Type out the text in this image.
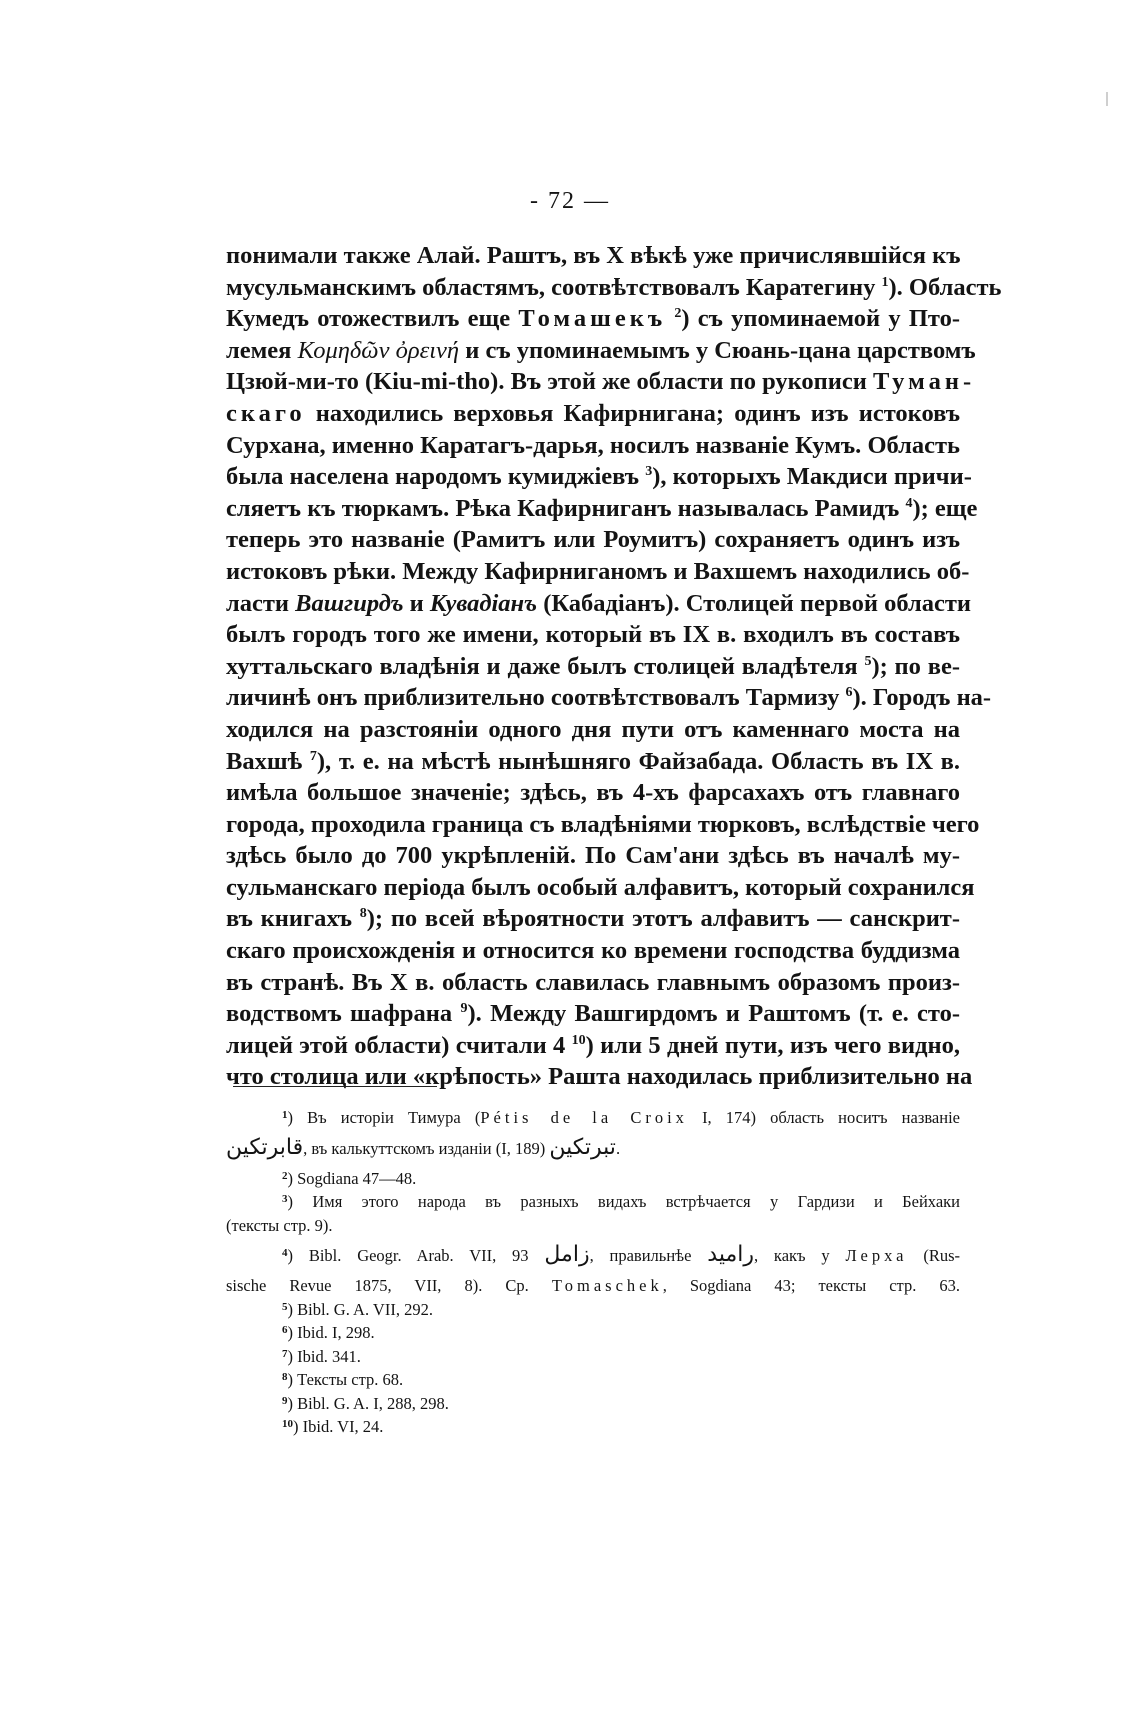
- 72 —
понимали также Алай. Раштъ, въ X вѣкѣ уже причислявшійся къ
мусульманскимъ областямъ, соотвѣтствовалъ Каратегину $^1$). Область
Кумедъ отожествилъ еще Томашекъ $^2$) съ упоминаемой у Пто-
лемея Κομηδῶν ὀρεινή и съ упоминаемымъ у Сюань-цана царствомъ
Цзюй-ми-то (Kiu-mi-tho). Въ этой же области по рукописи Туман-
скаго находились верховья Кафирнигана; одинъ изъ истоковъ
Сурхана, именно Каратагъ-дарья, носилъ названіе Кумъ. Область
была населена народомъ кумиджіевъ $^3$), которыхъ Макдиси причи-
сляетъ къ тюркамъ. Рѣка Кафирниганъ называлась Рамидъ $^4$); еще
теперь это названіе (Рамитъ или Роумитъ) сохраняетъ одинъ изъ
истоковъ рѣки. Между Кафирниганомъ и Вахшемъ находились об-
ласти Вашгирдъ и Кувадіанъ (Кабадіанъ). Столицей первой области
былъ городъ того же имени, который въ IX в. входилъ въ составъ
хуттальскаго владѣнія и даже былъ столицей владѣтеля $^5$); по ве-
личинѣ онъ приблизительно соотвѣтствовалъ Тармизу $^6$). Городъ на-
ходился на разстояніи одного дня пути отъ каменнаго моста на
Вахшѣ $^7$), т. е. на мѣстѣ нынѣшняго Файзабада. Область въ IX в.
имѣла большое значеніе; здѣсь, въ 4-хъ фарсахахъ отъ главнаго
города, проходила граница съ владѣніями тюрковъ, вслѣдствіе чего
здѣсь было до 700 укрѣпленій. По Сам'ани здѣсь въ началѣ му-
сульманскаго періода былъ особый алфавитъ, который сохранился
въ книгахъ $^8$); по всей вѣроятности этотъ алфавитъ — санскрит-
скаго происхожденія и относится ко времени господства буддизма
въ странѣ. Въ X в. область славилась главнымъ образомъ произ-
водствомъ шафрана $^9$). Между Вашгирдомъ и Раштомъ (т. е. сто-
лицей этой области) считали 4 $^{10}$) или 5 дней пути, изъ чего видно,
что столица или «крѣпость» Рашта находилась приблизительно на
$^1$) Въ исторіи Тимура (Pétis de la Croix I, 174) область носитъ названіе
قابرتكين, въ калькуттскомъ изданіи (I, 189) تبرتكين.
$^2$) Sogdiana 47—48.
$^3$) Имя этого народа въ разныхъ видахъ встрѣчается у Гардизи и Бейхаки
(тексты стр. 9).
$^4$) Bibl. Geogr. Arab. VII, 93 زامل, правильнѣе رامید, какъ у Лерха (Rus-
sische Revue 1875, VII, 8). Ср. Tomaschek, Sogdiana 43; тексты стр. 63.
$^5$) Bibl. G. A. VII, 292.
$^6$) Ibid. I, 298.
$^7$) Ibid. 341.
$^8$) Тексты стр. 68.
$^9$) Bibl. G. A. I, 288, 298.
$^{10}$) Ibid. VI, 24.
